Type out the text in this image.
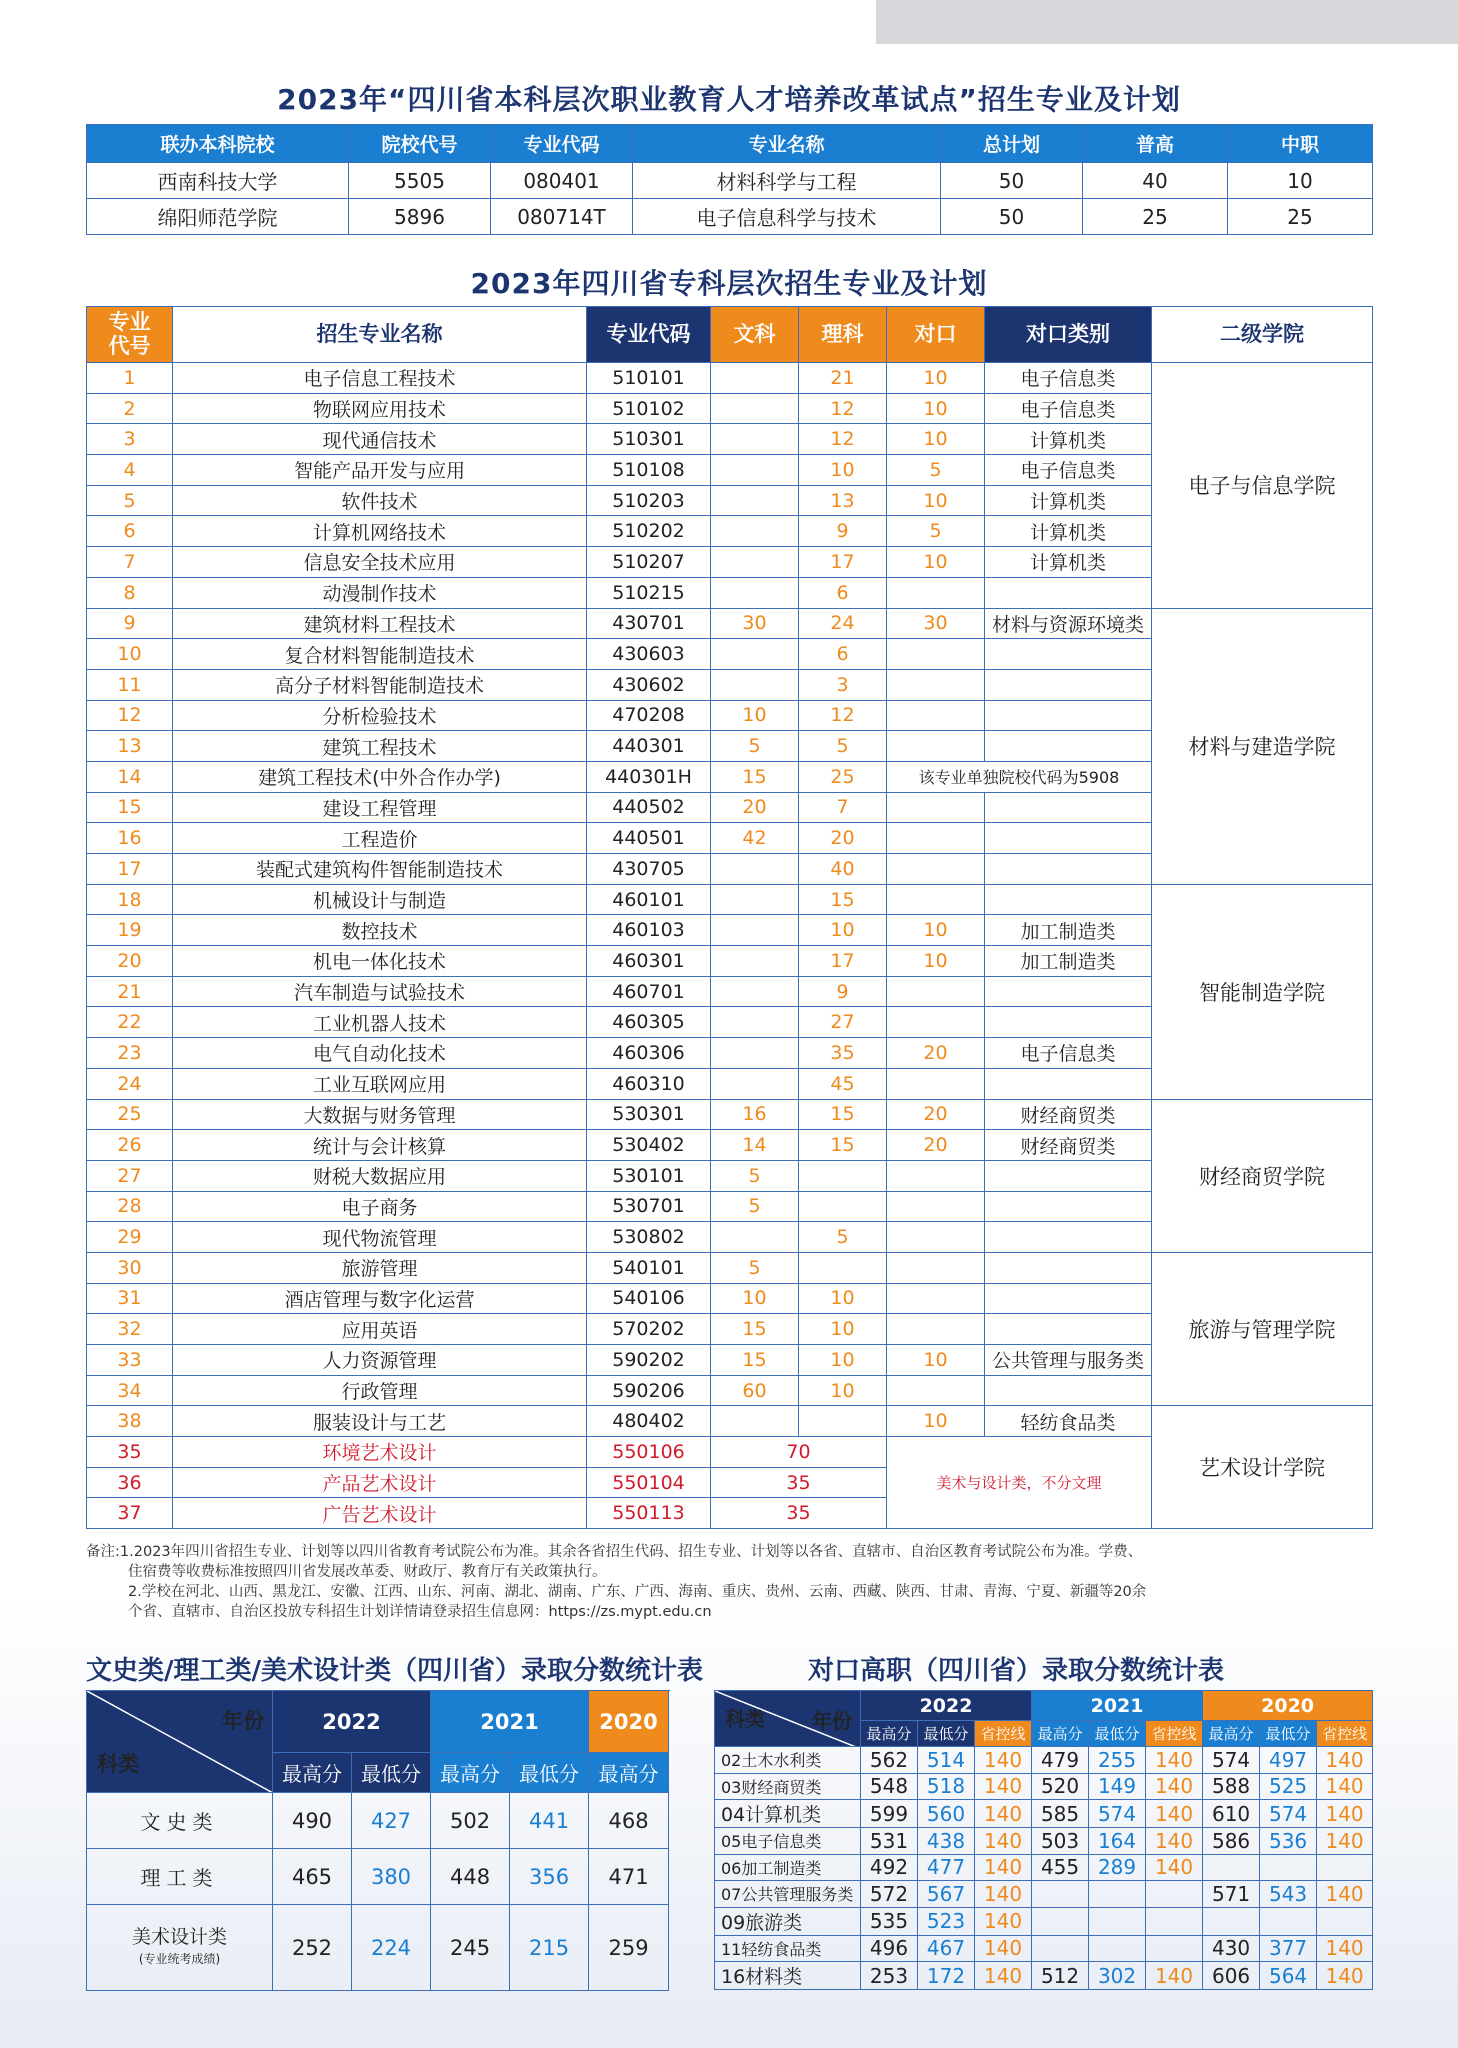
2023年“四川省本科层次职业教育人才培养改革试点”招生专业及计划
联办本科院校	院校代号	专业代码	专业名称	总计划	普高	中职
西南科技大学	5505	080401	材料科学与工程	50	40	10
绵阳师范学院	5896	080714T	电子信息科学与技术	50	25	25
2023年四川省专科层次招生专业及计划
专业
代号	招生专业名称	专业代码	文科	理科	对口	对口类别	二级学院
1	电子信息工程技术	510101		21	10	电子信息类	电子与信息学院
2	物联网应用技术	510102		12	10	电子信息类	
3	现代通信技术	510301		12	10	计算机类	
4	智能产品开发与应用	510108		10	5	电子信息类	
5	软件技术	510203		13	10	计算机类	
6	计算机网络技术	510202		9	5	计算机类	
7	信息安全技术应用	510207		17	10	计算机类	
8	动漫制作技术	510215		6			
9	建筑材料工程技术	430701	30	24	30	材料与资源环境类	材料与建造学院
10	复合材料智能制造技术	430603		6			
11	高分子材料智能制造技术	430602		3			
12	分析检验技术	470208	10	12			
13	建筑工程技术	440301	5	5			
14	建筑工程技术(中外合作办学)	440301H	15	25	该专业单独院校代码为5908		
15	建设工程管理	440502	20	7			
16	工程造价	440501	42	20			
17	装配式建筑构件智能制造技术	430705		40			
18	机械设计与制造	460101		15			智能制造学院
19	数控技术	460103		10	10	加工制造类	
20	机电一体化技术	460301		17	10	加工制造类	
21	汽车制造与试验技术	460701		9			
22	工业机器人技术	460305		27			
23	电气自动化技术	460306		35	20	电子信息类	
24	工业互联网应用	460310		45			
25	大数据与财务管理	530301	16	15	20	财经商贸类	财经商贸学院
26	统计与会计核算	530402	14	15	20	财经商贸类	
27	财税大数据应用	530101	5				
28	电子商务	530701	5				
29	现代物流管理	530802		5			
30	旅游管理	540101	5				旅游与管理学院
31	酒店管理与数字化运营	540106	10	10			
32	应用英语	570202	15	10			
33	人力资源管理	590202	15	10	10	公共管理与服务类	
34	行政管理	590206	60	10			
38	服装设计与工艺	480402			10	轻纺食品类	艺术设计学院
35	环境艺术设计	550106	70		美术与设计类，不分文理		
36	产品艺术设计	550104	35				
37	广告艺术设计	550113	35				

备注:1.2023年四川省招生专业、计划等以四川省教育考试院公布为准。其余各省招生代码、招生专业、计划等以各省、直辖市、自治区教育考试院公布为准。学费、

住宿费等收费标准按照四川省发展改革委、财政厅、教育厅有关政策执行。

2.学校在河北、山西、黑龙江、安徽、江西、山东、河南、湖北、湖南、广东、广西、海南、重庆、贵州、云南、西藏、陕西、甘肃、青海、宁夏、新疆等20余

个省、直辖市、自治区投放专科招生计划详情请登录招生信息网：https://zs.mypt.edu.cn

文史类/理工类/美术设计类（四川省）录取分数统计表	对口高职（四川省）录取分数统计表
年份
科类	2022		2021		2020	
	最高分	最低分	最高分	最低分	最高分	
文史类	490	427	502	441	468	
理工类	465	380	448	356	471	
美术设计类
(专业统考成绩)	252	224	245	215	259	
年份
科类	2022			2021			2020		
	最高分	最低分	省控线	最高分	最低分	省控线	最高分	最低分	省控线
02土木水利类	562	514	140	479	255	140	574	497	140
03财经商贸类	548	518	140	520	149	140	588	525	140
04计算机类	599	560	140	585	574	140	610	574	140
05电子信息类	531	438	140	503	164	140	586	536	140
06加工制造类	492	477	140	455	289	140			
07公共管理服务类	572	567	140				571	543	140
09旅游类	535	523	140						
11轻纺食品类	496	467	140				430	377	140
16材料类	253	172	140	512	302	140	606	564	140
